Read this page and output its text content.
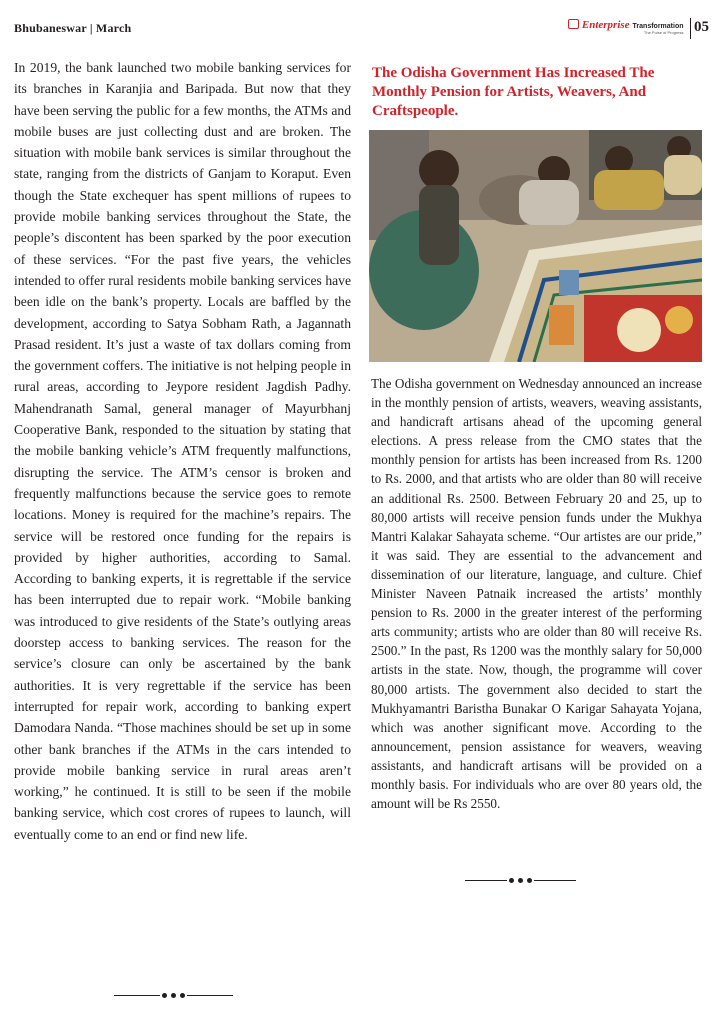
Bhubaneswar | March	Enterprise Transformation
The Pulse of Progress 05

In 2019, the bank launched two mobile banking services for its branches in Karanjia and Baripada. But now that they have been serving the public for a few months, the ATMs and mobile buses are just collecting dust and are broken. The situation with mobile bank services is similar throughout the state, ranging from the districts of Ganjam to Koraput. Even though the State exchequer has spent millions of rupees to provide mobile banking services throughout the State, the people’s discontent has been sparked by the poor execution of these services. “For the past five years, the vehicles intended to offer rural residents mobile banking services have been idle on the bank’s property. Locals are baffled by the development, according to Satya Sobham Rath, a Jagannath Prasad resident. It’s just a waste of tax dollars coming from the government coffers. The initiative is not helping people in rural areas, according to Jeypore resident Jagdish Padhy. Mahendranath Samal, general manager of Mayurbhanj Cooperative Bank, responded to the situation by stating that the mobile banking vehicle’s ATM frequently malfunctions, disrupting the service. The ATM’s censor is broken and frequently malfunctions because the service goes to remote locations. Money is required for the machine’s repairs. The service will be restored once funding for the repairs is provided by higher authorities, according to Samal. According to banking experts, it is regrettable if the service has been interrupted due to repair work. “Mobile banking was introduced to give residents of the State’s outlying areas doorstep access to banking services. The reason for the service’s closure can only be ascertained by the bank authorities. It is very regrettable if the service has been interrupted for repair work, according to banking expert Damodara Nanda. “Those machines should be set up in some other bank branches if the ATMs in the cars intended to provide mobile banking service in rural areas aren’t working,” he continued. It is still to be seen if the mobile banking service, which cost crores of rupees to launch, will eventually come to an end or find new life.

The Odisha Government Has Increased The Monthly Pension for Artists, Weavers, And Craftspeople.

The Odisha government on Wednesday announced an increase in the monthly pension of artists, weavers, weaving assistants, and handicraft artisans ahead of the upcoming general elections. A press release from the CMO states that the monthly pension for artists has been increased from Rs. 1200 to Rs. 2000, and that artists who are older than 80 will receive an additional Rs. 2500. Between February 20 and 25, up to 80,000 artists will receive pension funds under the Mukhya Mantri Kalakar Sahayata scheme. “Our artistes are our pride,” it was said. They are essential to the advancement and dissemination of our literature, language, and culture. Chief Minister Naveen Patnaik increased the artists’ monthly pension to Rs. 2000 in the greater interest of the performing arts community; artists who are older than 80 will receive Rs. 2500.” In the past, Rs 1200 was the monthly salary for 50,000 artists in the state. Now, though, the programme will cover 80,000 artists. The government also decided to start the Mukhyamantri Baristha Bunakar O Karigar Sahayata Yojana, which was another significant move. According to the announcement, pension assistance for weavers, weaving assistants, and handicraft artisans will be provided on a monthly basis. For individuals who are over 80 years old, the amount will be Rs 2550.
